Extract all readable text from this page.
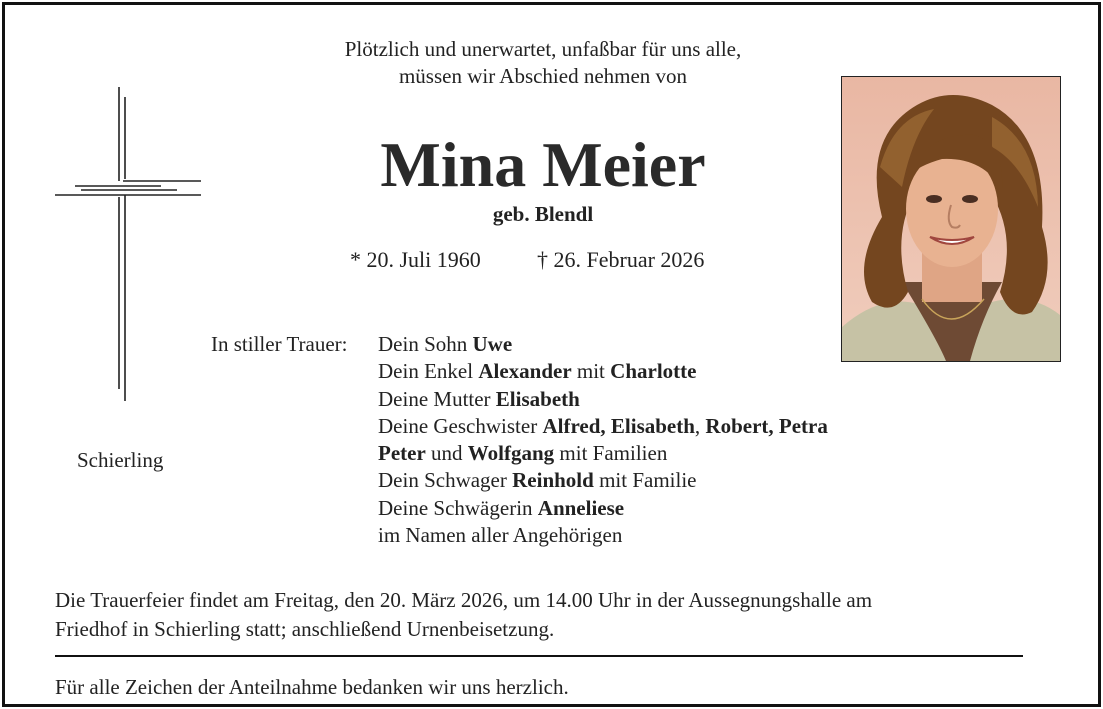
Plötzlich und unerwartet, unfaßbar für uns alle,

müssen wir Abschied nehmen von

Mina Meier

geb. Blendl

* 20. Juli 1960	† 26. Februar 2026

Schierling

In stiller Trauer: Dein Sohn Uwe
Dein Enkel Alexander mit Charlotte
Deine Mutter Elisabeth
Deine Geschwister Alfred, Elisabeth, Robert, Petra
Peter und Wolfgang mit Familien
Dein Schwager Reinhold mit Familie
Deine Schwägerin Anneliese
im Namen aller Angehörigen

Die Trauerfeier findet am Freitag, den 20. März 2026, um 14.00 Uhr in der Aussegnungshalle am
Friedhof in Schierling statt; anschließend Urnenbeisetzung.

Für alle Zeichen der Anteilnahme bedanken wir uns herzlich.
